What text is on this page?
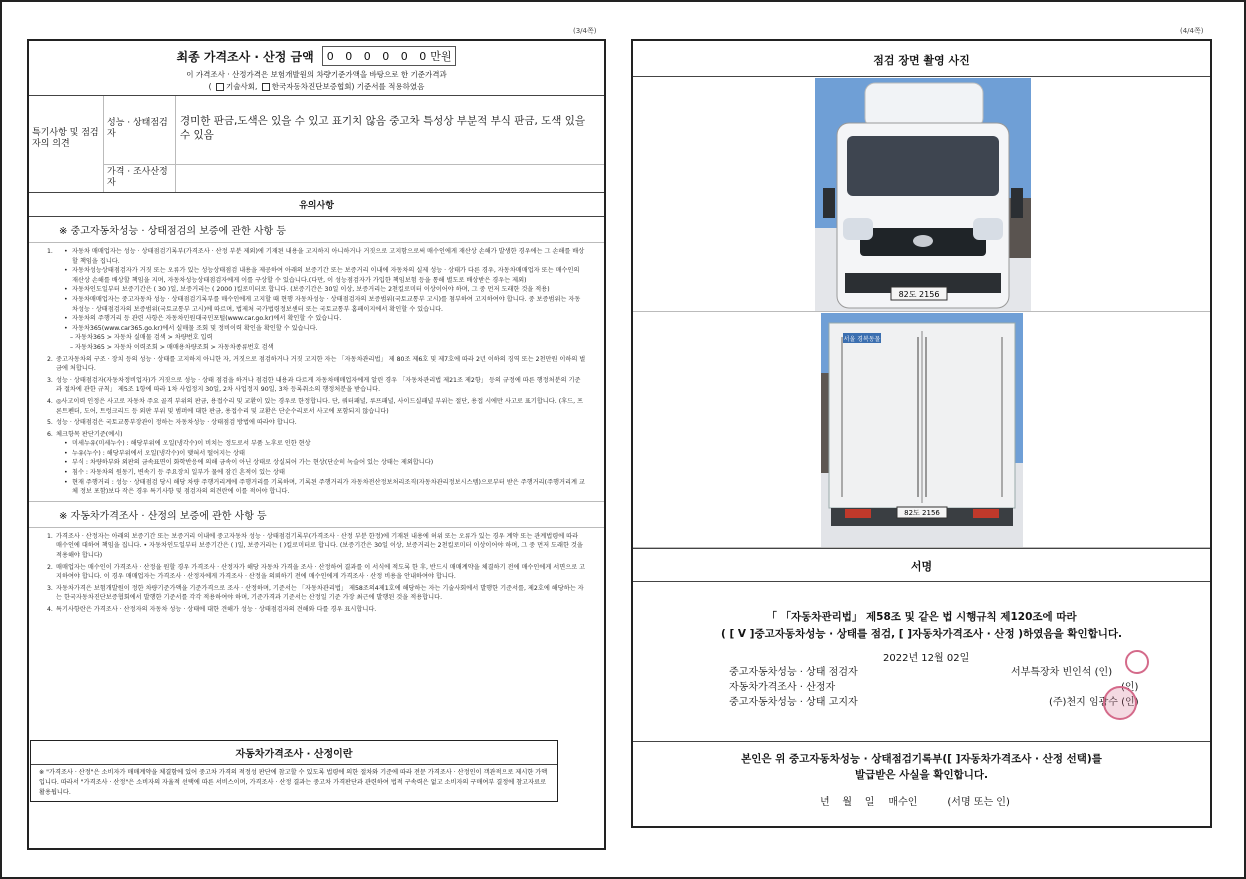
(3/4쪽)	(4/4쪽)
최종 가격조사 · 산정 금액	0 0 0 0 0 0만원
이 가격조사 · 산정가격은 보험개발원의 차량기준가액을 바탕으로 한 기준가격과
( 기술사회, 한국자동차진단보증협회) 기준서를 적용하였음
특기사항 및 점검자의 의견
성능 · 상태점검자
경미한 판금,도색은 있을 수 있고 표기치 않음 중고차 특성상 부분적 부식 판금, 도색 있을 수 있음
가격 · 조사산정자
유의사항
※ 중고자동차성능 · 상태점검의 보증에 관한 사항 등
1.
•	자동차 매매업자는 성능 · 상태점검기록부(가격조사 · 산정 부분 제외)에 기재된 내용을 고지하지 아니하거나 거짓으로 고지함으로써 매수인에게 재산상 손해가 발생한 경우에는 그 손해를 배상할 책임을 집니다.
• 자동차성능상태점검자가 거짓 또는 오류가 있는 성능상태점검 내용을 제공하여 아래의 보증기간 또는 보증거리 이내에 자동차의 실제 성능 · 상태가 다른 경우, 자동차매매업자 또는 매수인의 재산상 손해를 배상할 책임을 지며, 자동차성능상태점검자에게 이를 구상할 수 있습니다.(다만, 이 성능점검자가 가입한 책임보험 등을 통해 별도로 배상받은 경우는 제외)
• 자동차인도일부터 보증기간은 ( 30 )일, 보증거리는 ( 2000 )킬로미터로 합니다. (보증기간은 30일 이상, 보증거리는 2천킬로미터 이상이어야 하며, 그 중 먼저 도래한 것을 적용)
• 자동차매매업자는 중고자동차 성능 · 상태점검기록부를 매수인에게 고지할 때 현행 자동차성능 · 상태점검자의 보증범위(국토교통부 고시)를 첨부하여 고지하여야 합니다. 중 보증범위는 자동차성능 · 상태점검자의 보증범위(국토교통부 고시)에 따르며, 법제처 국가법령정보센터 또는 국토교통부 홈페이지에서 확인할 수 있습니다.
• 자동차의 주행거리 등 관련 사항은 자동차민원대국민포털(www.car.go.kr)에서 확인할 수 있습니다.
• 자동차365(www.car365.go.kr)에서 실매물 조회 및 정비이력 확인을 확인할 수 있습니다.
– 자동차365 > 자동차 실매물 검색 > 차량번호 입력
– 자동차365 > 자동차 이력조회 > 매매용차량조회 > 자동차종류번호 검색
2. 중고자동차의 구조 · 장치 등의 성능 · 상태를 고지하지 아니한 자, 거짓으로 점검하거나 거짓 고지한 자는 「자동차관리법」 제 80조 제6호 및 제7호에 따라 2년 이하의 징역 또는 2천만원 이하의 벌금에 처합니다.
3. 성능 · 상태점검자(자동차정비업자)가 거짓으로 성능 · 상태 점검을 하거나 점검한 내용과 다르게 자동차매매업자에게 알린 경우 「자동차관리법 제21조 제2항」 등의 규정에 따른 행정처분의 기준과 절차에 관한 규칙」 제5조 1항에 따라 1차 사업정지 30일, 2차 사업정지 90일, 3차 등록취소의 행정처분을 받습니다.
4. ◎사고이력 인정은 사고로 자동차 주요 골격 부위의 판금, 용접수리 및 교환이 있는 경우로 한정합니다. 단, 쿼터패널, 루프패널, 사이드실패널 부위는 절단, 용접 시에만 사고로 표기합니다. (후드, 프론트펜더, 도어, 트렁크리드 등 외판 부위 및 범퍼에 대한 판금, 용접수리 및 교환은 단순수리로서 사고에 포함되지 않습니다)
5. 성능 · 상태점검은 국토교통부장관이 정하는 자동차성능 · 상태점검 방법에 따라야 합니다.
6. 체크항목 판단기준(예시)
• 미세누유(미세누수) : 해당부위에 오일(냉각수)이 비치는 정도로서 부품 노후로 인한 현상
• 누유(누수) : 해당부위에서 오일(냉각수)이 맺혀서 떨어지는 상태
• 부식 : 차량하부와 외판의 금속표면이 화학반응에 의해 금속이 아닌 상태로 상실되어 가는 현상(단순히 녹슬어 있는 상태는 제외합니다)
• 침수 : 자동차의 원동기, 변속기 등 주요장치 일부가 물에 잠긴 흔적이 있는 상태
• 현재 주행거리 : 성능 · 상태점검 당시 해당 차량 주행거리계에 주행거리를 기록하며, 기록된 주행거리가 자동차전산정보처리조직(자동차관리정보시스템)으로부터 받은 주행거리(주행거리계 교체 정보 포함)보다 작은 경우 특기사항 및 점검자의 의견란에 이를 적어야 합니다.
※ 자동차가격조사 · 산정의 보증에 관한 사항 등
1. 가격조사 · 산정자는 아래의 보증기간 또는 보증거리 이내에 중고자동차 성능 · 상태점검기록부(가격조사 · 산정 부분 한정)에 기재된 내용에 허위 또는 오류가 있는 경우 계약 또는 관계법령에 따라 매수인에 대하여 책임을 집니다. • 자동차인도일부터 보증기간은 ( )일, 보증거리는 ( )킬로미터로 합니다. (보증기간은 30일 이상, 보증거리는 2천킬로미터 이상이어야 하며, 그 중 먼저 도래한 것을 적용해야 합니다)
2. 매매업자는 매수인이 가격조사 · 산정을 원할 경우 가격조사 · 산정자가 해당 자동차 가격을 조사 · 산정하여 결과를 이 서식에 적도록 한 후, 반드시 매매계약을 체결하기 전에 매수인에게 서면으로 고지하여야 합니다. 이 경우 매매업자는 가격조사 · 산정자에게 가격조사 · 산정을 의뢰하기 전에 매수인에게 가격조사 · 산정 비용을 안내하여야 합니다.
3. 자동차가격은 보험개발원이 정한 차량기준가액을 기준가격으로 조사 · 산정하며, 기준서는 「자동차관리법」 제58조의4제1호에 해당하는 자는 기술사회에서 발행한 기준서를, 제2호에 해당하는 자는 한국자동차진단보증협회에서 발행한 기준서를 각각 적용하여야 하며, 기준가격과 기준서는 산정일 기준 가장 최근에 발행된 것을 적용합니다.
4. 특기사항란은 가격조사 · 산정자의 자동차 성능 · 상태에 대한 견해가 성능 · 상태점검자의 견해와 다를 경우 표시합니다.
자동차가격조사 · 산정이란
※ "가격조사 · 산정"은 소비자가 매매계약을 체결함에 있어 중고차 가격의 적정성 판단에 참고할 수 있도록 법령에 의한 절차와 기준에 따라 전문 가격조사 · 산정인이 객관적으로 제시한 가액입니다. 따라서 "가격조사 · 산정"은 소비자의 자율적 선택에 따른 서비스이며, 가격조사 · 산정 결과는 중고차 가격판단과 관련하여 법적 구속력은 없고 소비자의 구매여부 결정에 참고자료로 활용됩니다.
점검 장면 촬영 사진
82도 2156
서울 경복동물
82도 2156
서명
「 「자동차관리법」 제58조 및 같은 법 시행규칙 제120조에 따라
( [ V ]중고자동차성능 · 상태를 점검, [ ]자동차가격조사 · 산정 )하였음을 확인합니다.
2022년 12월 02일
중고자동차성능 · 상태 점검자
자동차가격조사 · 산정자
중고자동차성능 · 상태 고지자
서부특장차 빈인석 (인)
(인)
(주)천지 임광수 (인)
본인은 위 중고자동차성능 · 상태점검기록부([ ]자동차가격조사 · 산정 선택)를
발급받은 사실을 확인합니다.
년    월    일 매수인	(서명 또는 인)
